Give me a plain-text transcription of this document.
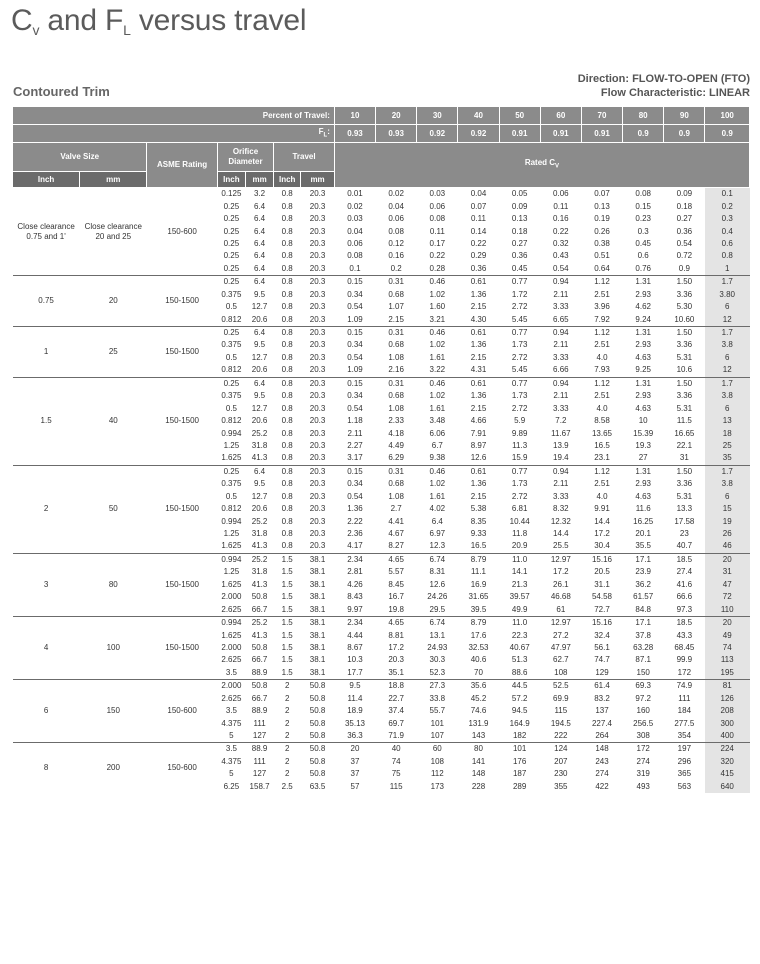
$C_v$ and $F_L$ versus travel
Contoured Trim
Direction: FLOW-TO-OPEN (FTO)
Flow Characteristic: LINEAR
Percent of Travel:							10	20	30	40	50	60	70	80	90	100
$F_L$:							0.93	0.93	0.92	0.92	0.91	0.91	0.91	0.9	0.9	0.9
Valve Size		ASME Rating	Orifice Diameter		Travel		Rated $C_V$
Inch	mm		Inch	mm	Inch	mm										
Close clearance 0.75 and 1'	Close clearance 20 and 25	150-600	0.125	3.2	0.8	20.3	0.01	0.02	0.03	0.04	0.05	0.06	0.07	0.08	0.09	0.1
			0.25	6.4	0.8	20.3	0.02	0.04	0.06	0.07	0.09	0.11	0.13	0.15	0.18	0.2
			0.25	6.4	0.8	20.3	0.03	0.06	0.08	0.11	0.13	0.16	0.19	0.23	0.27	0.3
			0.25	6.4	0.8	20.3	0.04	0.08	0.11	0.14	0.18	0.22	0.26	0.3	0.36	0.4
			0.25	6.4	0.8	20.3	0.06	0.12	0.17	0.22	0.27	0.32	0.38	0.45	0.54	0.6
			0.25	6.4	0.8	20.3	0.08	0.16	0.22	0.29	0.36	0.43	0.51	0.6	0.72	0.8
			0.25	6.4	0.8	20.3	0.1	0.2	0.28	0.36	0.45	0.54	0.64	0.76	0.9	1
0.75	20	150-1500	0.25	6.4	0.8	20.3	0.15	0.31	0.46	0.61	0.77	0.94	1.12	1.31	1.50	1.7
			0.375	9.5	0.8	20.3	0.34	0.68	1.02	1.36	1.72	2.11	2.51	2.93	3.36	3.80
			0.5	12.7	0.8	20.3	0.54	1.07	1.60	2.15	2.72	3.33	3.96	4.62	5.30	6
			0.812	20.6	0.8	20.3	1.09	2.15	3.21	4.30	5.45	6.65	7.92	9.24	10.60	12
1	25	150-1500	0.25	6.4	0.8	20.3	0.15	0.31	0.46	0.61	0.77	0.94	1.12	1.31	1.50	1.7
			0.375	9.5	0.8	20.3	0.34	0.68	1.02	1.36	1.73	2.11	2.51	2.93	3.36	3.8
			0.5	12.7	0.8	20.3	0.54	1.08	1.61	2.15	2.72	3.33	4.0	4.63	5.31	6
			0.812	20.6	0.8	20.3	1.09	2.16	3.22	4.31	5.45	6.66	7.93	9.25	10.6	12
1.5	40	150-1500	0.25	6.4	0.8	20.3	0.15	0.31	0.46	0.61	0.77	0.94	1.12	1.31	1.50	1.7
			0.375	9.5	0.8	20.3	0.34	0.68	1.02	1.36	1.73	2.11	2.51	2.93	3.36	3.8
			0.5	12.7	0.8	20.3	0.54	1.08	1.61	2.15	2.72	3.33	4.0	4.63	5.31	6
			0.812	20.6	0.8	20.3	1.18	2.33	3.48	4.66	5.9	7.2	8.58	10	11.5	13
			0.994	25.2	0.8	20.3	2.11	4.18	6.06	7.91	9.89	11.67	13.65	15.39	16.65	18
			1.25	31.8	0.8	20.3	2.27	4.49	6.7	8.97	11.3	13.9	16.5	19.3	22.1	25
			1.625	41.3	0.8	20.3	3.17	6.29	9.38	12.6	15.9	19.4	23.1	27	31	35
2	50	150-1500	0.25	6.4	0.8	20.3	0.15	0.31	0.46	0.61	0.77	0.94	1.12	1.31	1.50	1.7
			0.375	9.5	0.8	20.3	0.34	0.68	1.02	1.36	1.73	2.11	2.51	2.93	3.36	3.8
			0.5	12.7	0.8	20.3	0.54	1.08	1.61	2.15	2.72	3.33	4.0	4.63	5.31	6
			0.812	20.6	0.8	20.3	1.36	2.7	4.02	5.38	6.81	8.32	9.91	11.6	13.3	15
			0.994	25.2	0.8	20.3	2.22	4.41	6.4	8.35	10.44	12.32	14.4	16.25	17.58	19
			1.25	31.8	0.8	20.3	2.36	4.67	6.97	9.33	11.8	14.4	17.2	20.1	23	26
			1.625	41.3	0.8	20.3	4.17	8.27	12.3	16.5	20.9	25.5	30.4	35.5	40.7	46
3	80	150-1500	0.994	25.2	1.5	38.1	2.34	4.65	6.74	8.79	11.0	12.97	15.16	17.1	18.5	20
			1.25	31.8	1.5	38.1	2.81	5.57	8.31	11.1	14.1	17.2	20.5	23.9	27.4	31
			1.625	41.3	1.5	38.1	4.26	8.45	12.6	16.9	21.3	26.1	31.1	36.2	41.6	47
			2.000	50.8	1.5	38.1	8.43	16.7	24.26	31.65	39.57	46.68	54.58	61.57	66.6	72
			2.625	66.7	1.5	38.1	9.97	19.8	29.5	39.5	49.9	61	72.7	84.8	97.3	110
4	100	150-1500	0.994	25.2	1.5	38.1	2.34	4.65	6.74	8.79	11.0	12.97	15.16	17.1	18.5	20
			1.625	41.3	1.5	38.1	4.44	8.81	13.1	17.6	22.3	27.2	32.4	37.8	43.3	49
			2.000	50.8	1.5	38.1	8.67	17.2	24.93	32.53	40.67	47.97	56.1	63.28	68.45	74
			2.625	66.7	1.5	38.1	10.3	20.3	30.3	40.6	51.3	62.7	74.7	87.1	99.9	113
			3.5	88.9	1.5	38.1	17.7	35.1	52.3	70	88.6	108	129	150	172	195
6	150	150-600	2.000	50.8	2	50.8	9.5	18.8	27.3	35.6	44.5	52.5	61.4	69.3	74.9	81
			2.625	66.7	2	50.8	11.4	22.7	33.8	45.2	57.2	69.9	83.2	97.2	111	126
			3.5	88.9	2	50.8	18.9	37.4	55.7	74.6	94.5	115	137	160	184	208
			4.375	111	2	50.8	35.13	69.7	101	131.9	164.9	194.5	227.4	256.5	277.5	300
			5	127	2	50.8	36.3	71.9	107	143	182	222	264	308	354	400
8	200	150-600	3.5	88.9	2	50.8	20	40	60	80	101	124	148	172	197	224
			4.375	111	2	50.8	37	74	108	141	176	207	243	274	296	320
			5	127	2	50.8	37	75	112	148	187	230	274	319	365	415
			6.25	158.7	2.5	63.5	57	115	173	228	289	355	422	493	563	640
